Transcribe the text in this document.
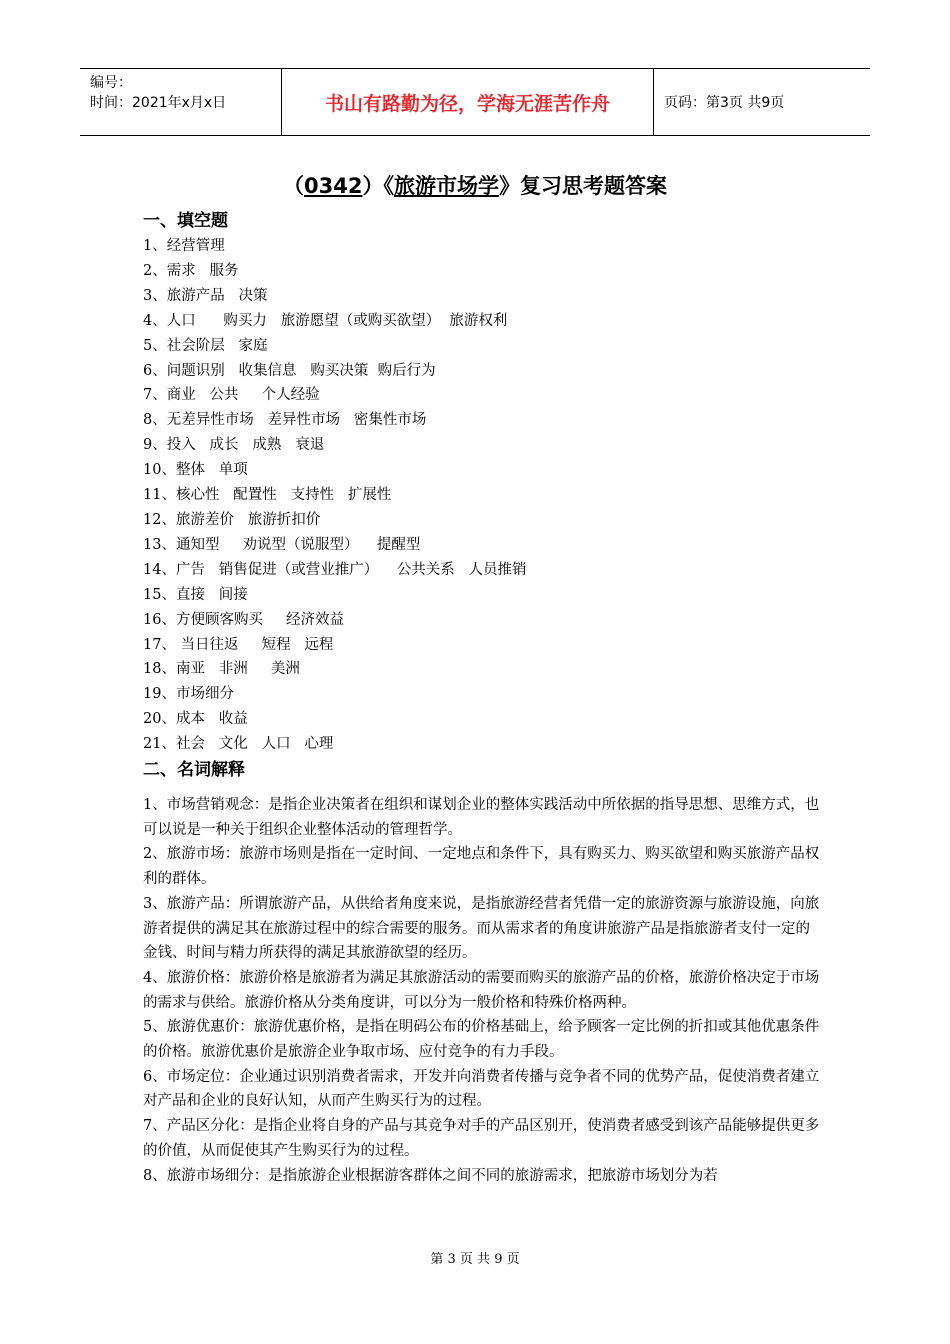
编号：
时间：2021年x月x日	书山有路勤为径，学海无涯苦作舟	页码：第3页 共9页
（0342）《旅游市场学》复习思考题答案

一、填空题

1、经营管理

2、需求   服务

3、旅游产品   决策

4、人口      购买力   旅游愿望（或购买欲望）  旅游权利

5、社会阶层   家庭

6、问题识别   收集信息   购买决策  购后行为

7、商业   公共     个人经验

8、无差异性市场   差异性市场   密集性市场

9、投入   成长   成熟   衰退

10、整体   单项

11、核心性   配置性   支持性   扩展性

12、旅游差价   旅游折扣价

13、通知型     劝说型（说服型）    提醒型

14、广告   销售促进（或营业推广）    公共关系   人员推销

15、直接   间接

16、方便顾客购买     经济效益

17、 当日往返     短程   远程

18、南亚   非洲     美洲

19、市场细分

20、成本   收益

21、社会   文化   人口   心理

二、名词解释

1、市场营销观念：是指企业决策者在组织和谋划企业的整体实践活动中所依据的指导思想、思维方式，也可以说是一种关于组织企业整体活动的管理哲学。

2、旅游市场：旅游市场则是指在一定时间、一定地点和条件下，具有购买力、购买欲望和购买旅游产品权利的群体。

3、旅游产品：所谓旅游产品，从供给者角度来说，是指旅游经营者凭借一定的旅游资源与旅游设施，向旅游者提供的满足其在旅游过程中的综合需要的服务。而从需求者的角度讲旅游产品是指旅游者支付一定的金钱、时间与精力所获得的满足其旅游欲望的经历。

4、旅游价格：旅游价格是旅游者为满足其旅游活动的需要而购买的旅游产品的价格，旅游价格决定于市场的需求与供给。旅游价格从分类角度讲，可以分为一般价格和特殊价格两种。

5、旅游优惠价：旅游优惠价格，是指在明码公布的价格基础上，给予顾客一定比例的折扣或其他优惠条件的价格。旅游优惠价是旅游企业争取市场、应付竞争的有力手段。

6、市场定位：企业通过识别消费者需求，开发并向消费者传播与竞争者不同的优势产品，促使消费者建立对产品和企业的良好认知，从而产生购买行为的过程。

7、产品区分化：是指企业将自身的产品与其竞争对手的产品区别开，使消费者感受到该产品能够提供更多的价值，从而促使其产生购买行为的过程。

8、旅游市场细分：是指旅游企业根据游客群体之间不同的旅游需求，把旅游市场划分为若

第 3 页 共 9 页
